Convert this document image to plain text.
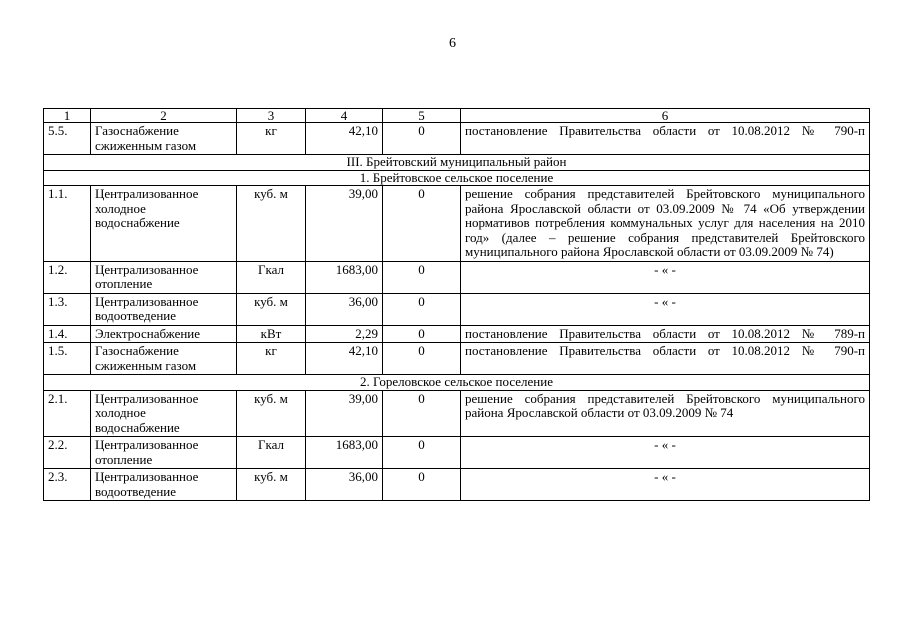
6
1	2	3	4	5	6
5.5.	Газоснабжение сжиженным газом	кг	42,10	0	постановление Правительства области от 10.08.2012 № 790-п
III. Брейтовский муниципальный район					
1. Брейтовское сельское поселение					
1.1.	Централизованное холодное водоснабжение	куб. м	39,00	0	решение собрания представителей Брейтовского муниципального района Ярославской области от 03.09.2009 № 74 «Об утверждении нормативов потребления коммунальных услуг для населения на 2010 год» (далее – решение собрания представителей Брейтовского муниципального района Ярославской области от 03.09.2009 № 74)
1.2.	Централизованное отопление	Гкал	1683,00	0	- « -
1.3.	Централизованное водоотведение	куб. м	36,00	0	- « -
1.4.	Электроснабжение	кВт	2,29	0	постановление Правительства области от 10.08.2012 № 789-п
1.5.	Газоснабжение сжиженным газом	кг	42,10	0	постановление Правительства области от 10.08.2012 № 790-п
2. Гореловское сельское поселение					
2.1.	Централизованное холодное водоснабжение	куб. м	39,00	0	решение собрания представителей Брейтовского муниципального района Ярославской области от 03.09.2009 № 74
2.2.	Централизованное отопление	Гкал	1683,00	0	- « -
2.3.	Централизованное водоотведение	куб. м	36,00	0	- « -
